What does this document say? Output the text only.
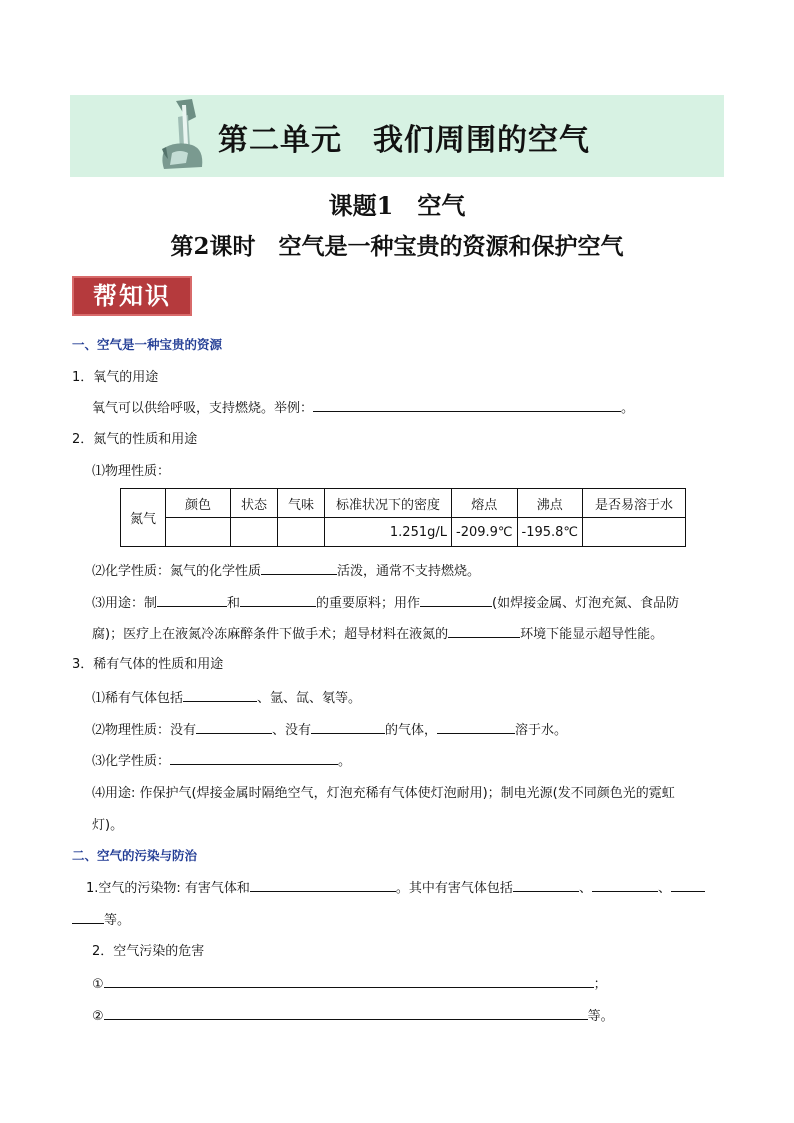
第二单元　我们周围的空气
课题1　空气
第2课时　空气是一种宝贵的资源和保护空气
帮知识
一、空气是一种宝贵的资源
1．氧气的用途
氧气可以供给呼吸，支持燃烧。举例：	。
2．氮气的性质和用途
⑴物理性质：
氮气	颜色	状态	气味	标准状况下的密度	熔点	沸点	是否易溶于水
				1.251g/L	-209.9℃	-195.8℃	
⑵化学性质：氮气的化学性质	活泼，通常不支持燃烧。
⑶用途：制	和	的重要原料；用作	(如焊接金属、灯泡充氮、食品防
腐)；医疗上在液氮冷冻麻醉条件下做手术；超导材料在液氮的	环境下能显示超导性能。
3．稀有气体的性质和用途
⑴稀有气体包括	、氩、氙、氡等。
⑵物理性质：没有	、没有	的气体，	溶于水。
⑶化学性质：	。
⑷用途: 作保护气(焊接金属时隔绝空气，灯泡充稀有气体使灯泡耐用)；制电光源(发不同颜色光的霓虹
灯)。
二、空气的污染与防治
1.空气的污染物: 有害气体和	。其中有害气体包括	、	、
等。
2．空气污染的危害
①	；
②	等。
